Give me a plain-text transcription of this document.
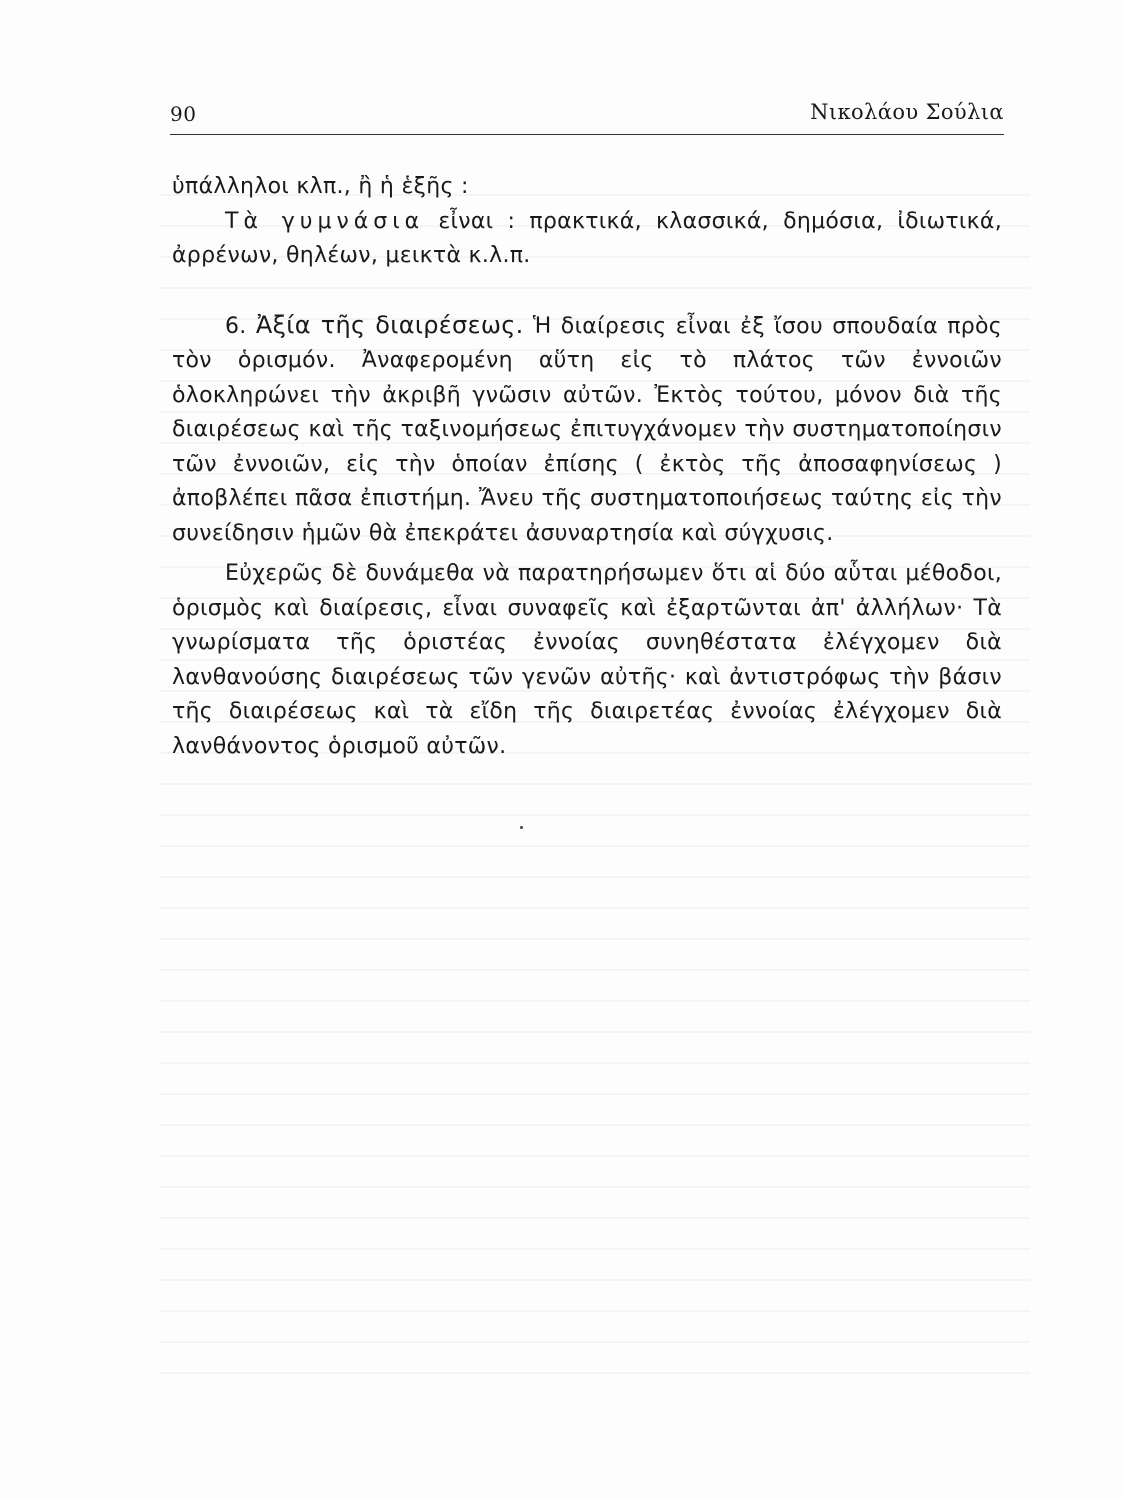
90	Νικολάου Σούλια

ὑπάλληλοι κλπ., ἢ ἡ ἑξῆς :

Τὰ γυμνάσια εἶναι : πρακτικά, κλασσικά, δημόσια, ἰδιωτικά, ἀρρένων, θηλέων, μεικτὰ κ.λ.π.

6. Ἀξία τῆς διαιρέσεως. Ἡ διαίρεσις εἶναι ἐξ ἴσου σπουδαία πρὸς τὸν ὁρισμόν. Ἀναφερομένη αὕτη εἰς τὸ πλάτος τῶν ἐννοιῶν ὁλοκληρώνει τὴν ἀκριβῆ γνῶσιν αὐτῶν. Ἐκτὸς τούτου, μόνον διὰ τῆς διαιρέσεως καὶ τῆς ταξινομήσεως ἐπιτυγχάνομεν τὴν συστηματοποίησιν τῶν ἐννοιῶν, εἰς τὴν ὁποίαν ἐπίσης ( ἐκτὸς τῆς ἀποσαφηνίσεως ) ἀποβλέπει πᾶσα ἐπιστήμη. Ἄνευ τῆς συστηματοποιήσεως ταύτης εἰς τὴν συνείδησιν ἡμῶν θὰ ἐπεκράτει ἀσυναρτησία καὶ σύγχυσις.

Εὐχερῶς δὲ δυνάμεθα νὰ παρατηρήσωμεν ὅτι αἱ δύο αὗται μέθοδοι, ὁρισμὸς καὶ διαίρεσις, εἶναι συναφεῖς καὶ ἐξαρτῶνται ἀπ' ἀλλήλων· Τὰ γνωρίσματα τῆς ὁριστέας ἐννοίας συνηθέστατα ἐλέγχομεν διὰ λανθανούσης διαιρέσεως τῶν γενῶν αὐτῆς· καὶ ἀντιστρόφως τὴν βάσιν τῆς διαιρέσεως καὶ τὰ εἴδη τῆς διαιρετέας ἐννοίας ἐλέγχομεν διὰ λανθάνοντος ὁρισμοῦ αὐτῶν.
